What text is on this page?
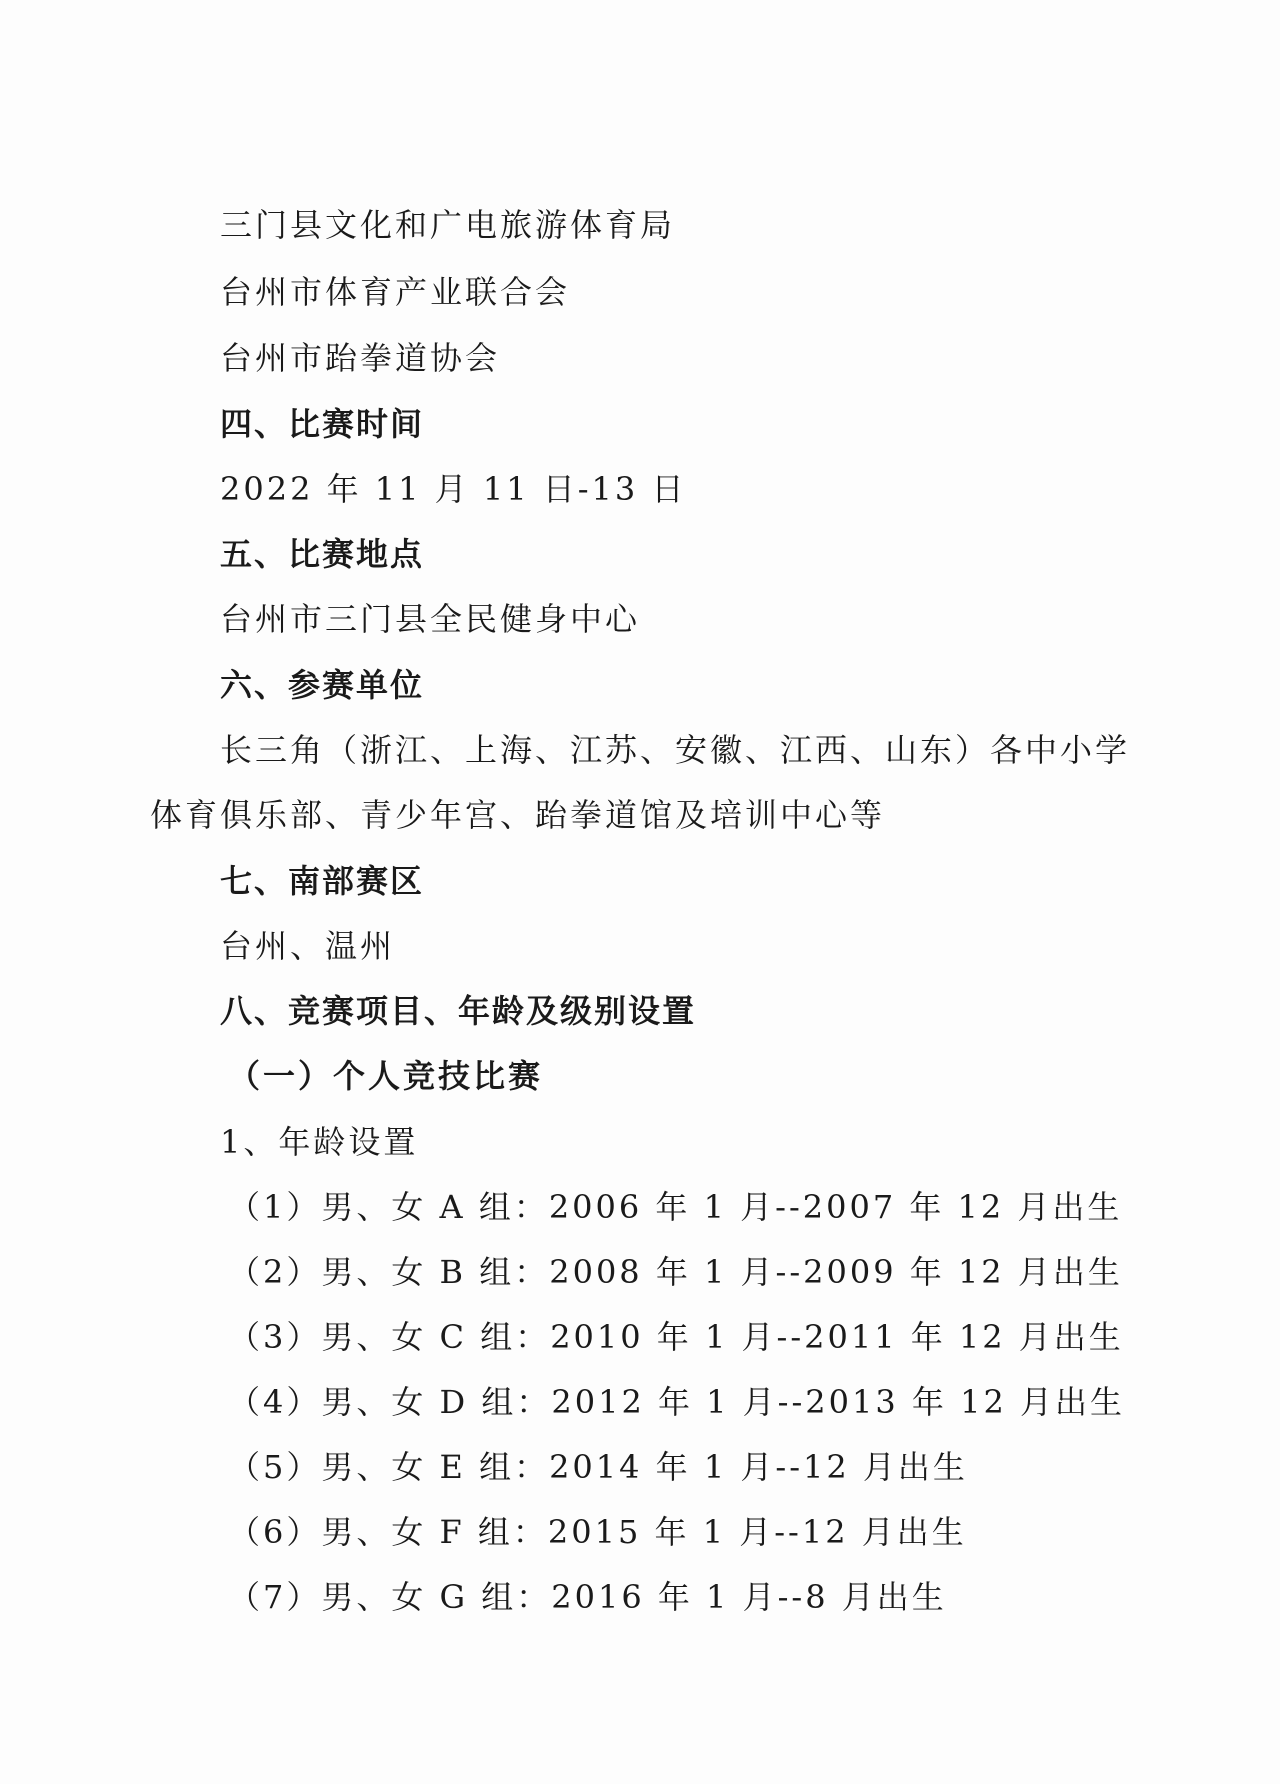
三门县文化和广电旅游体育局
台州市体育产业联合会
台州市跆拳道协会
四、比赛时间
2022 年 11 月 11 日-13 日
五、比赛地点
台州市三门县全民健身中心
六、参赛单位
长三角（浙江、上海、江苏、安徽、江西、山东）各中小学
体育俱乐部、青少年宫、跆拳道馆及培训中心等
七、南部赛区
台州、温州
八、竞赛项目、年龄及级别设置
（一）个人竞技比赛
1、年龄设置
（1）男、女 A 组：2006 年 1 月--2007 年 12 月出生
（2）男、女 B 组：2008 年 1 月--2009 年 12 月出生
（3）男、女 C 组：2010 年 1 月--2011 年 12 月出生
（4）男、女 D 组：2012 年 1 月--2013 年 12 月出生
（5）男、女 E 组：2014 年 1 月--12 月出生
（6）男、女 F 组：2015 年 1 月--12 月出生
（7）男、女 G 组：2016 年 1 月--8 月出生
